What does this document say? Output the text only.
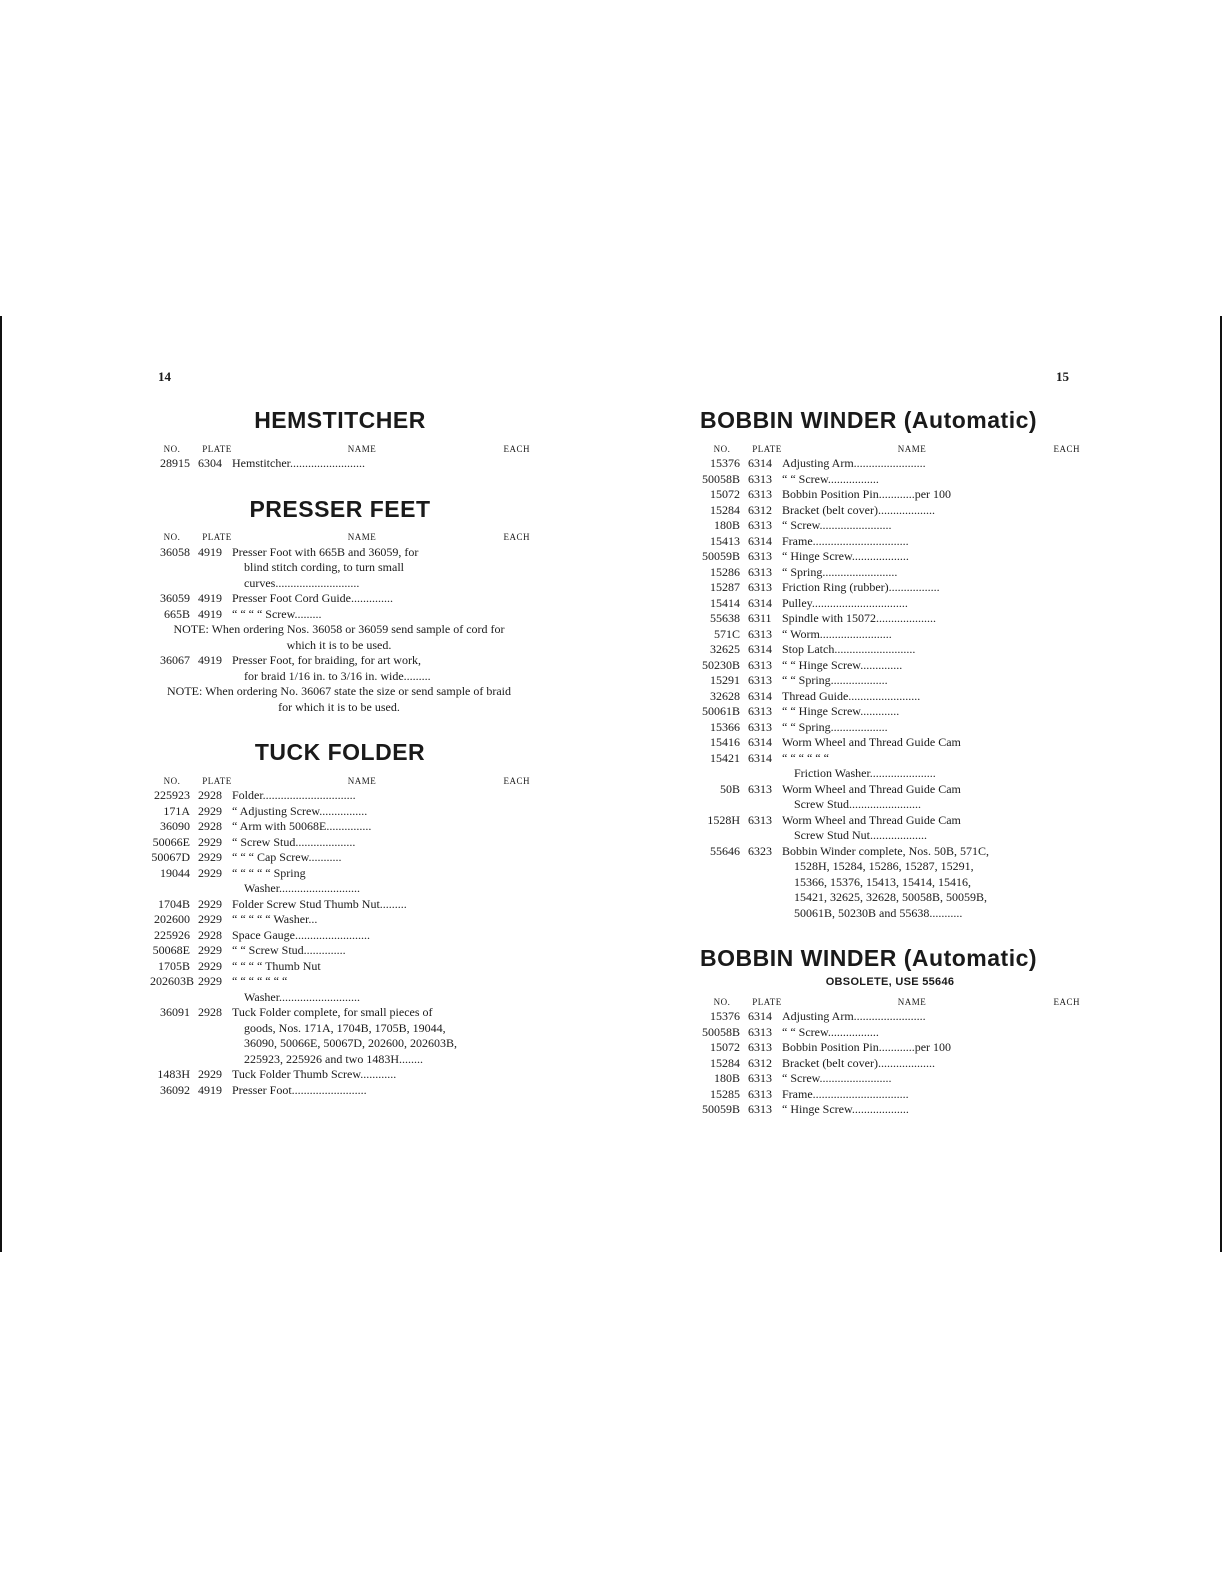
14	15
HEMSTITCHER
NO.	PLATE	NAME	EACH
28915 6304 Hemstitcher.........................
PRESSER FEET
NO.	PLATE	NAME	EACH
36058 4919 Presser Foot with 665B and 36059, for
blind stitch cording, to turn small
curves............................
36059 4919 Presser Foot Cord Guide..............
665B 4919 “ “ “ “ Screw.........
NOTE: When ordering Nos. 36058 or 36059 send sample of cord for which it is to be used.
36067 4919 Presser Foot, for braiding, for art work,
for braid 1/16 in. to 3/16 in. wide.........
NOTE: When ordering No. 36067 state the size or send sample of braid for which it is to be used.
TUCK FOLDER
NO.	PLATE	NAME	EACH
225923 2928 Folder...............................
171A 2929 “ Adjusting Screw................
36090 2928 “ Arm with 50068E...............
50066E 2929 “ Screw Stud....................
50067D 2929 “ “ “ Cap Screw...........
19044 2929 “ “ “ “ “ Spring
Washer...........................
1704B 2929 Folder Screw Stud Thumb Nut.........
202600 2929 “ “ “ “ “ Washer...
225926 2928 Space Gauge.........................
50068E 2929 “ “ Screw Stud..............
1705B 2929 “ “ “ “ Thumb Nut
202603B 2929 “ “ “ “ “ “ “
Washer...........................
36091 2928 Tuck Folder complete, for small pieces of
goods, Nos. 171A, 1704B, 1705B, 19044,
36090, 50066E, 50067D, 202600, 202603B,
225923, 225926 and two 1483H........
1483H 2929 Tuck Folder Thumb Screw............
36092 4919 Presser Foot.........................
BOBBIN WINDER (Automatic)
NO.	PLATE	NAME	EACH
15376 6314 Adjusting Arm........................
50058B 6313 “ “ Screw.................
15072 6313 Bobbin Position Pin............per 100
15284 6312 Bracket (belt cover)...................
180B 6313 “ Screw........................
15413 6314 Frame................................
50059B 6313 “ Hinge Screw...................
15286 6313 “ Spring.........................
15287 6313 Friction Ring (rubber).................
15414 6314 Pulley................................
55638 6311 Spindle with 15072....................
571C 6313 “ Worm........................
32625 6314 Stop Latch...........................
50230B 6313 “ “ Hinge Screw..............
15291 6313 “ “ Spring...................
32628 6314 Thread Guide........................
50061B 6313 “ “ Hinge Screw.............
15366 6313 “ “ Spring...................
15416 6314 Worm Wheel and Thread Guide Cam
15421 6314 “ “ “ “ “ “
Friction Washer......................
50B 6313 Worm Wheel and Thread Guide Cam
Screw Stud........................
1528H 6313 Worm Wheel and Thread Guide Cam
Screw Stud Nut...................
55646 6323 Bobbin Winder complete, Nos. 50B, 571C,
1528H, 15284, 15286, 15287, 15291,
15366, 15376, 15413, 15414, 15416,
15421, 32625, 32628, 50058B, 50059B,
50061B, 50230B and 55638...........
BOBBIN WINDER (Automatic)
OBSOLETE, USE 55646
NO.	PLATE	NAME	EACH
15376 6314 Adjusting Arm........................
50058B 6313 “ “ Screw.................
15072 6313 Bobbin Position Pin............per 100
15284 6312 Bracket (belt cover)...................
180B 6313 “ Screw........................
15285 6313 Frame................................
50059B 6313 “ Hinge Screw...................
